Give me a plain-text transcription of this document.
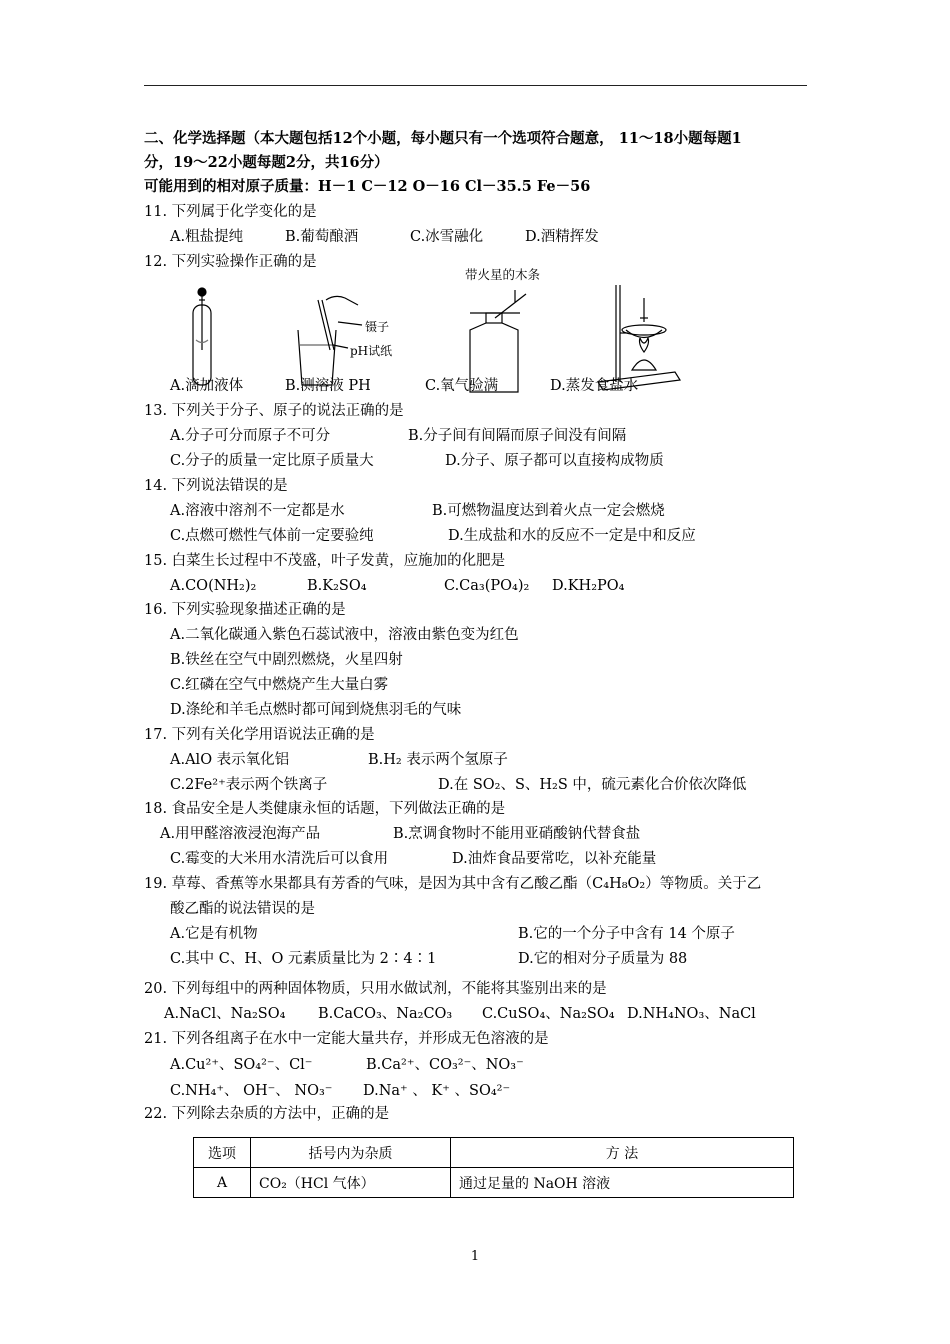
二、化学选择题（本大题包括12个小题，每小题只有一个选项符合题意， 11～18小题每题1
分，19～22小题每题2分，共16分）
可能用到的相对原子质量：H－1 C－12 O－16 Cl－35.5 Fe－56
11. 下列属于化学变化的是
A.粗盐提纯	B.葡萄酿酒	C.冰雪融化	D.酒精挥发
12. 下列实验操作正确的是
带火星的木条
镊子
pH试纸
A.滴加液体	B.测溶液 PH	C.氧气验满	D.蒸发食盐水
13. 下列关于分子、原子的说法正确的是
A.分子可分而原子不可分	B.分子间有间隔而原子间没有间隔
C.分子的质量一定比原子质量大	D.分子、原子都可以直接构成物质
14. 下列说法错误的是
A.溶液中溶剂不一定都是水	B.可燃物温度达到着火点一定会燃烧
C.点燃可燃性气体前一定要验纯	D.生成盐和水的反应不一定是中和反应
15. 白菜生长过程中不茂盛，叶子发黄，应施加的化肥是
A.CO(NH₂)₂	B.K₂SO₄	C.Ca₃(PO₄)₂ D.KH₂PO₄
16. 下列实验现象描述正确的是
A.二氧化碳通入紫色石蕊试液中，溶液由紫色变为红色
B.铁丝在空气中剧烈燃烧，火星四射
C.红磷在空气中燃烧产生大量白雾
D.涤纶和羊毛点燃时都可闻到烧焦羽毛的气味
17. 下列有关化学用语说法正确的是
A.AlO 表示氧化铝	B.H₂ 表示两个氢原子
C.2Fe²⁺表示两个铁离子	D.在 SO₂、S、H₂S 中，硫元素化合价依次降低
18. 食品安全是人类健康永恒的话题，下列做法正确的是
A.用甲醛溶液浸泡海产品	B.烹调食物时不能用亚硝酸钠代替食盐
C.霉变的大米用水清洗后可以食用	D.油炸食品要常吃，以补充能量
19. 草莓、香蕉等水果都具有芳香的气味，是因为其中含有乙酸乙酯（C₄H₈O₂）等物质。关于乙
酸乙酯的说法错误的是
A.它是有机物	B.它的一个分子中含有 14 个原子
C.其中 C、H、O 元素质量比为 2∶4∶1	D.它的相对分子质量为 88
20. 下列每组中的两种固体物质，只用水做试剂，不能将其鉴别出来的是
A.NaCl、Na₂SO₄ B.CaCO₃、Na₂CO₃ C.CuSO₄、Na₂SO₄ D.NH₄NO₃、NaCl
21. 下列各组离子在水中一定能大量共存，并形成无色溶液的是
A.Cu²⁺、SO₄²⁻、Cl⁻	B.Ca²⁺、CO₃²⁻、NO₃⁻
C.NH₄⁺、 OH⁻、 NO₃⁻ D.Na⁺ 、 K⁺ 、SO₄²⁻
22. 下列除去杂质的方法中，正确的是
选项	括号内为杂质	方 法
A	CO₂（HCl 气体）	通过足量的 NaOH 溶液
1
